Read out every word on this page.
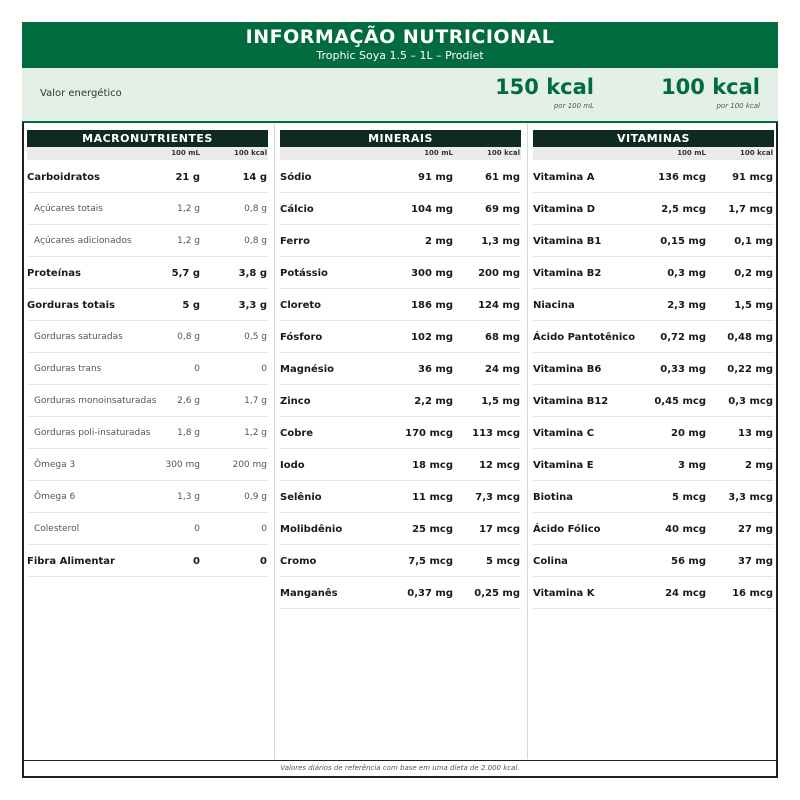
INFORMAÇÃO NUTRICIONAL
Trophic Soya 1.5 – 1L – Prodiet
Valor energético	150 kcal
por 100 mL
100 kcal
por 100 kcal
MACRONUTRIENTES
100 mL	100 kcal
Carboidratos	21 g	14 g
Açúcares totais	1,2 g	0,8 g
Açúcares adicionados	1,2 g	0,8 g
Proteínas	5,7 g	3,8 g
Gorduras totais	5 g	3,3 g
Gorduras saturadas	0,8 g	0,5 g
Gorduras trans	0	0
Gorduras monoinsaturadas 2,6 g	1,7 g
Gorduras poli-insaturadas	1,8 g	1,2 g
Ômega 3	300 mg	200 mg
Ômega 6	1,3 g	0,9 g
Colesterol	0	0
Fibra Alimentar	0	0
MINERAIS
100 mL	100 kcal
Sódio	91 mg	61 mg
Cálcio	104 mg	69 mg
Ferro	2 mg	1,3 mg
Potássio	300 mg	200 mg
Cloreto	186 mg	124 mg
Fósforo	102 mg	68 mg
Magnésio	36 mg	24 mg
Zinco	2,2 mg	1,5 mg
Cobre	170 mcg 113 mcg
Iodo	18 mcg	12 mcg
Selênio	11 mcg 7,3 mcg
Molibdênio	25 mcg	17 mcg
Cromo	7,5 mcg	5 mcg
Manganês	0,37 mg 0,25 mg
VITAMINAS
100 mL	100 kcal
Vitamina A	136 mcg	91 mcg
Vitamina D	2,5 mcg 1,7 mcg
Vitamina B1	0,15 mg	0,1 mg
Vitamina B2	0,3 mg	0,2 mg
Niacina	2,3 mg	1,5 mg
Ácido Pantotênico	0,72 mg 0,48 mg
Vitamina B6	0,33 mg 0,22 mg
Vitamina B12	0,45 mcg 0,3 mcg
Vitamina C	20 mg	13 mg
Vitamina E	3 mg	2 mg
Biotina	5 mcg 3,3 mcg
Ácido Fólico	40 mcg	27 mg
Colina	56 mg	37 mg
Vitamina K	24 mcg	16 mcg
Valores diários de referência com base em uma dieta de 2.000 kcal.
